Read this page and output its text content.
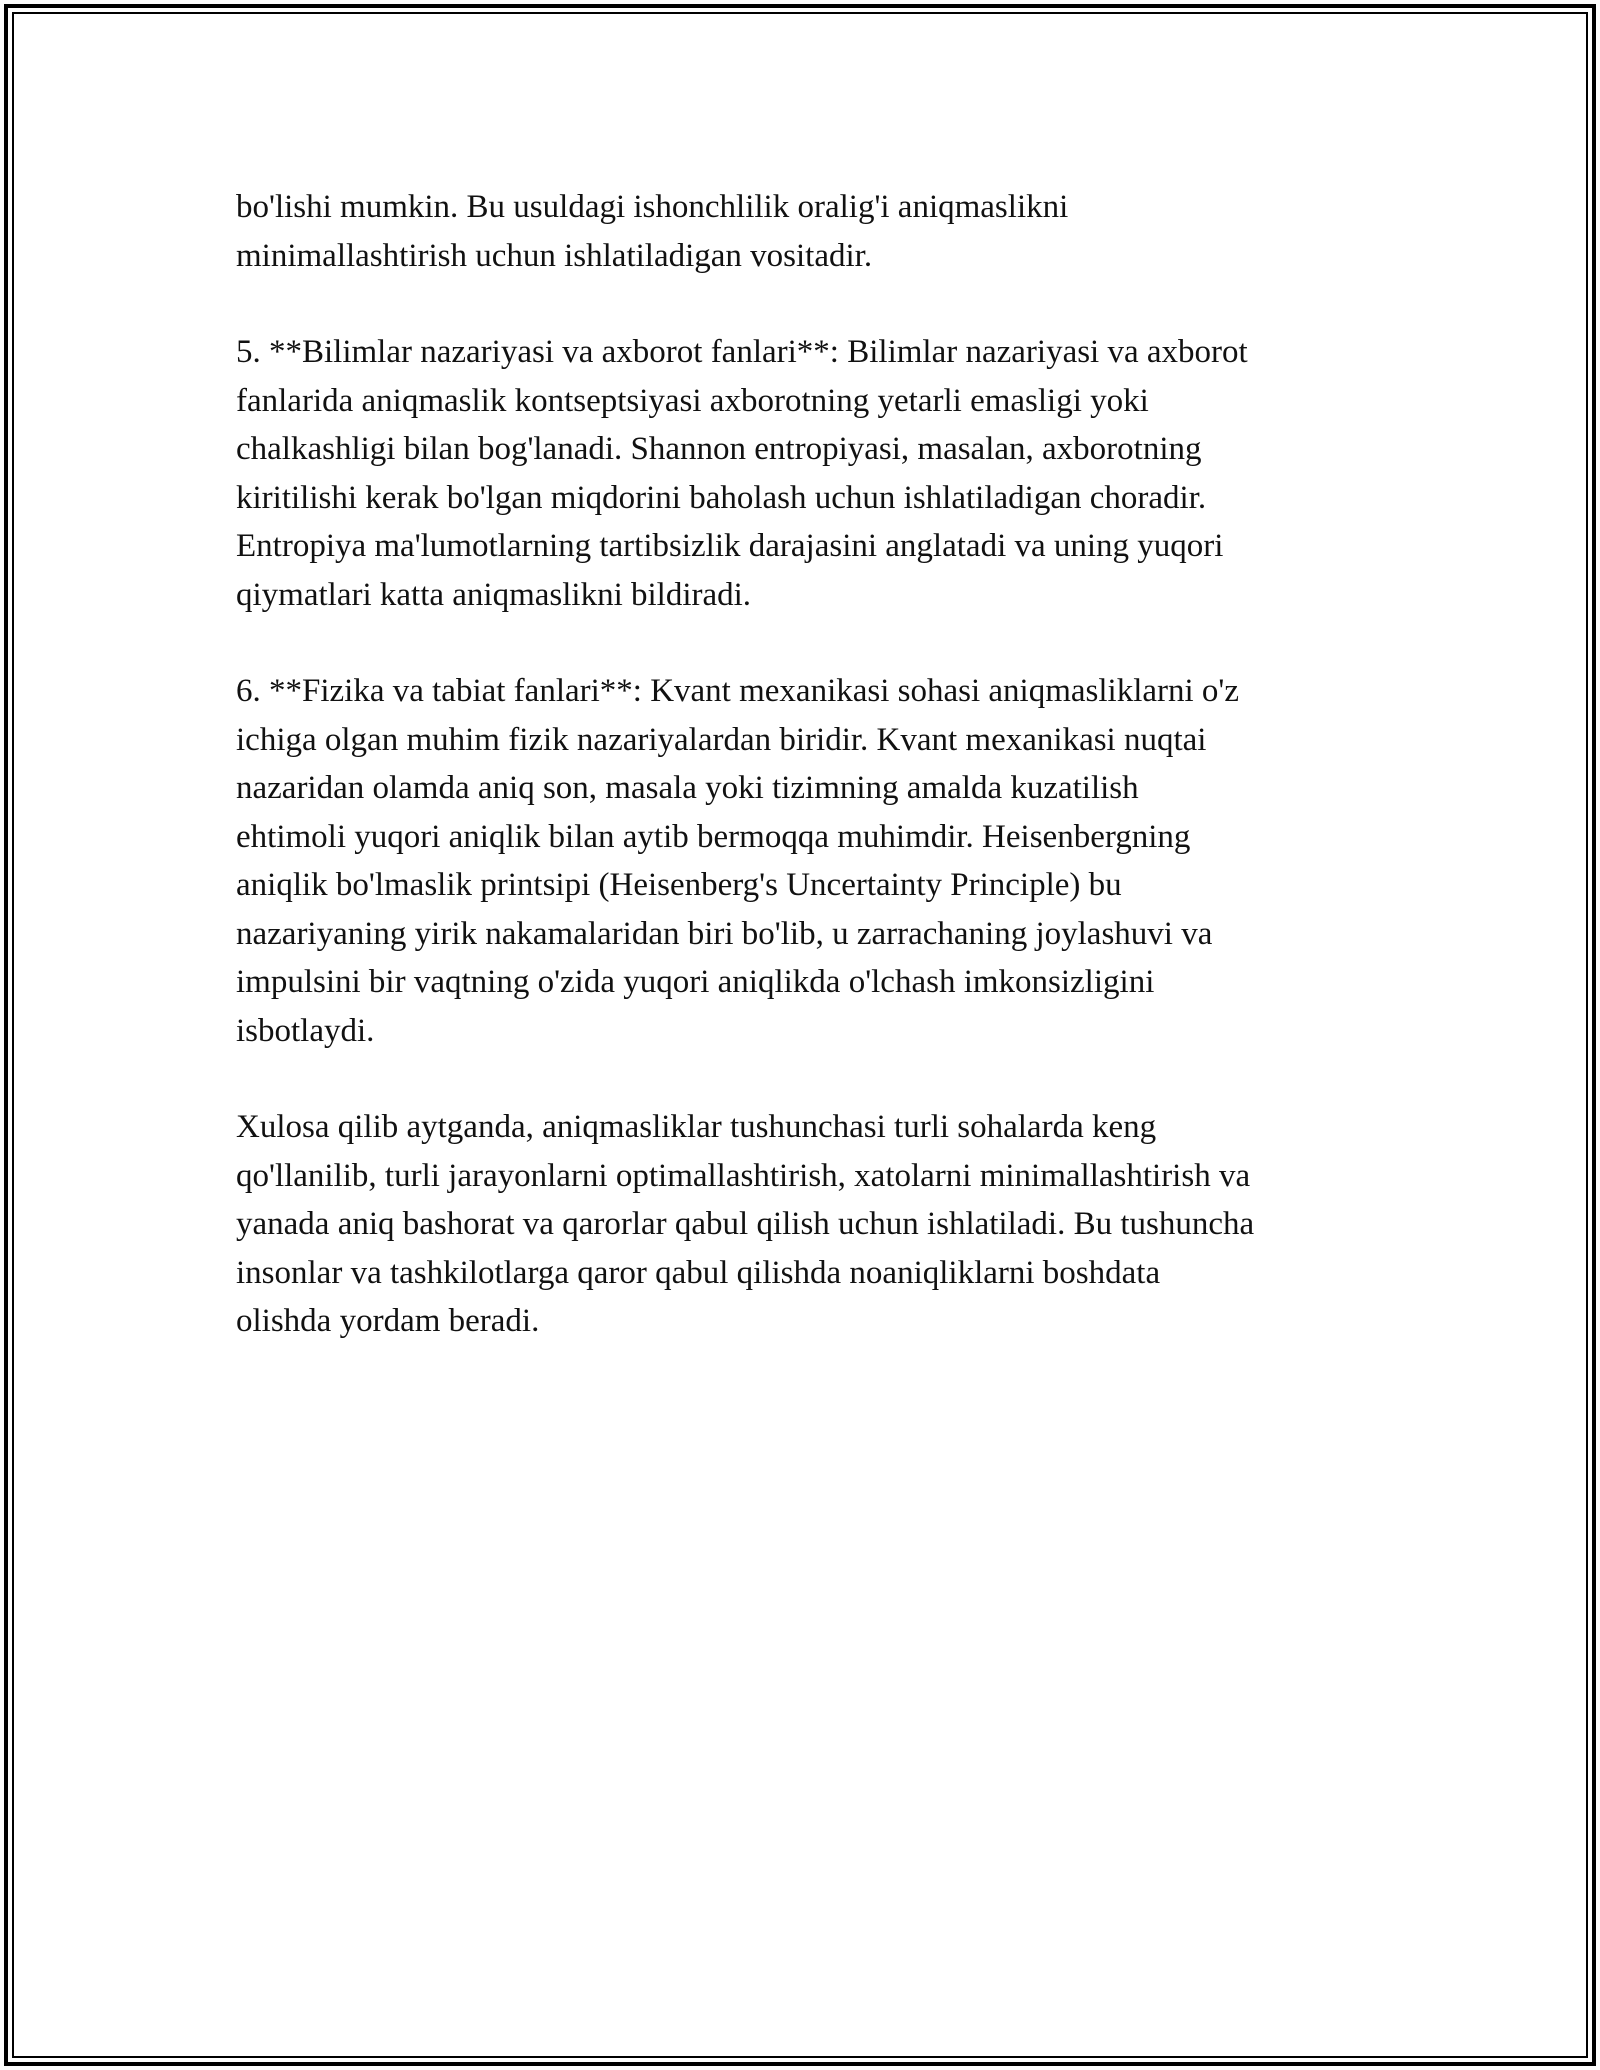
bo'lishi mumkin. Bu usuldagi ishonchlilik oralig'i aniqmaslikni
minimallashtirish uchun ishlatiladigan vositadir.

5. **Bilimlar nazariyasi va axborot fanlari**: Bilimlar nazariyasi va axborot
fanlarida aniqmaslik kontseptsiyasi axborotning yetarli emasligi yoki
chalkashligi bilan bog'lanadi. Shannon entropiyasi, masalan, axborotning
kiritilishi kerak bo'lgan miqdorini baholash uchun ishlatiladigan choradir.
Entropiya ma'lumotlarning tartibsizlik darajasini anglatadi va uning yuqori
qiymatlari katta aniqmaslikni bildiradi.

6. **Fizika va tabiat fanlari**: Kvant mexanikasi sohasi aniqmasliklarni o'z
ichiga olgan muhim fizik nazariyalardan biridir. Kvant mexanikasi nuqtai
nazaridan olamda aniq son, masala yoki tizimning amalda kuzatilish
ehtimoli yuqori aniqlik bilan aytib bermoqqa muhimdir. Heisenbergning
aniqlik bo'lmaslik printsipi (Heisenberg's Uncertainty Principle) bu
nazariyaning yirik nakamalaridan biri bo'lib, u zarrachaning joylashuvi va
impulsini bir vaqtning o'zida yuqori aniqlikda o'lchash imkonsizligini
isbotlaydi.

Xulosa qilib aytganda, aniqmasliklar tushunchasi turli sohalarda keng
qo'llanilib, turli jarayonlarni optimallashtirish, xatolarni minimallashtirish va
yanada aniq bashorat va qarorlar qabul qilish uchun ishlatiladi. Bu tushuncha
insonlar va tashkilotlarga qaror qabul qilishda noaniqliklarni boshdata
olishda yordam beradi.
